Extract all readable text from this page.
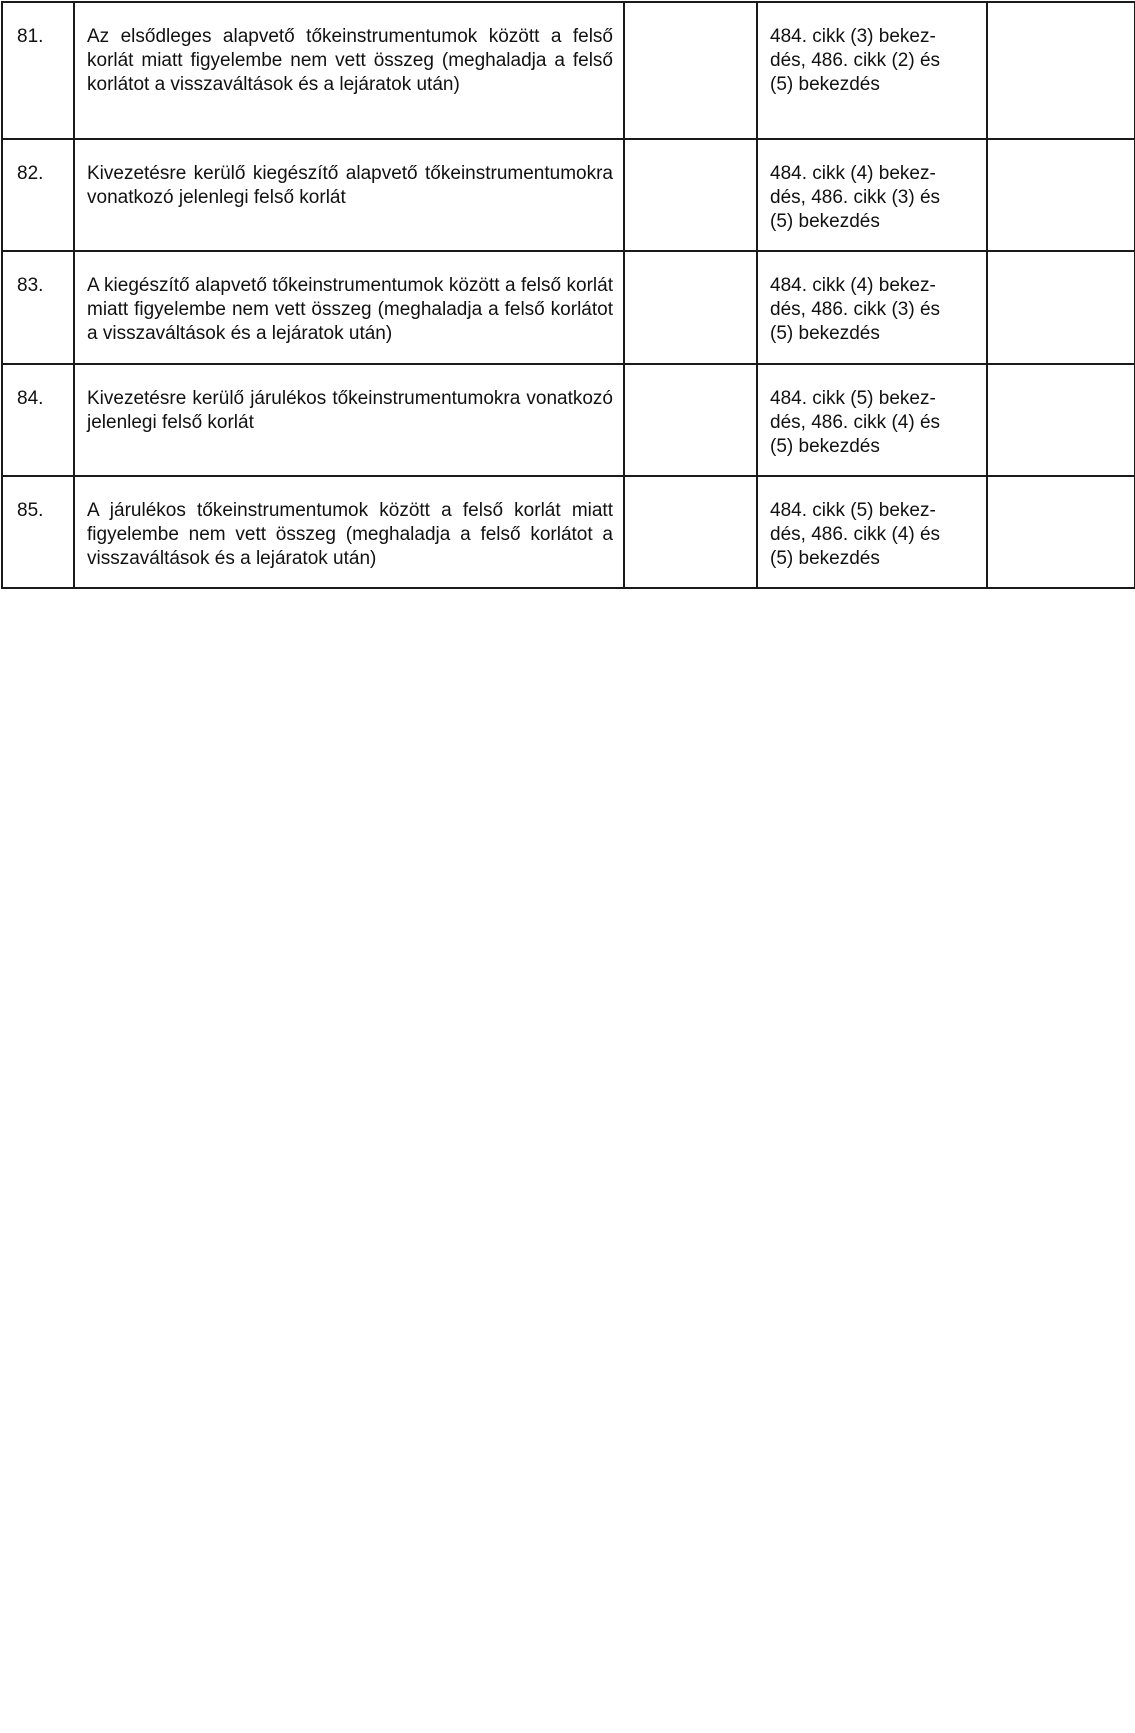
81.	Az elsődleges alapvető tőkeinstrumentumok között a felső korlát miatt figyelembe nem vett összeg (meghaladja a felső korlátot a visszaváltások és a lejáratok után)		484. cikk (3) bekez-
dés, 486. cikk (2) és
(5) bekezdés	

82.	Kivezetésre kerülő kiegészítő alapvető tőkeinstrumentumokra vonatkozó jelenlegi felső korlát		484. cikk (4) bekez-
dés, 486. cikk (3) és
(5) bekezdés	

83.	A kiegészítő alapvető tőkeinstrumentumok között a felső korlát miatt figyelembe nem vett összeg (meghaladja a felső korlátot a visszaváltások és a lejáratok után)		484. cikk (4) bekez-
dés, 486. cikk (3) és
(5) bekezdés	

84.	Kivezetésre kerülő járulékos tőkeinstrumentumokra vonatkozó jelenlegi felső korlát		484. cikk (5) bekez-
dés, 486. cikk (4) és
(5) bekezdés	

85.	A járulékos tőkeinstrumentumok között a felső korlát miatt figyelembe nem vett összeg (meghaladja a felső korlátot a visszaváltások és a lejáratok után)		484. cikk (5) bekez-
dés, 486. cikk (4) és
(5) bekezdés	
